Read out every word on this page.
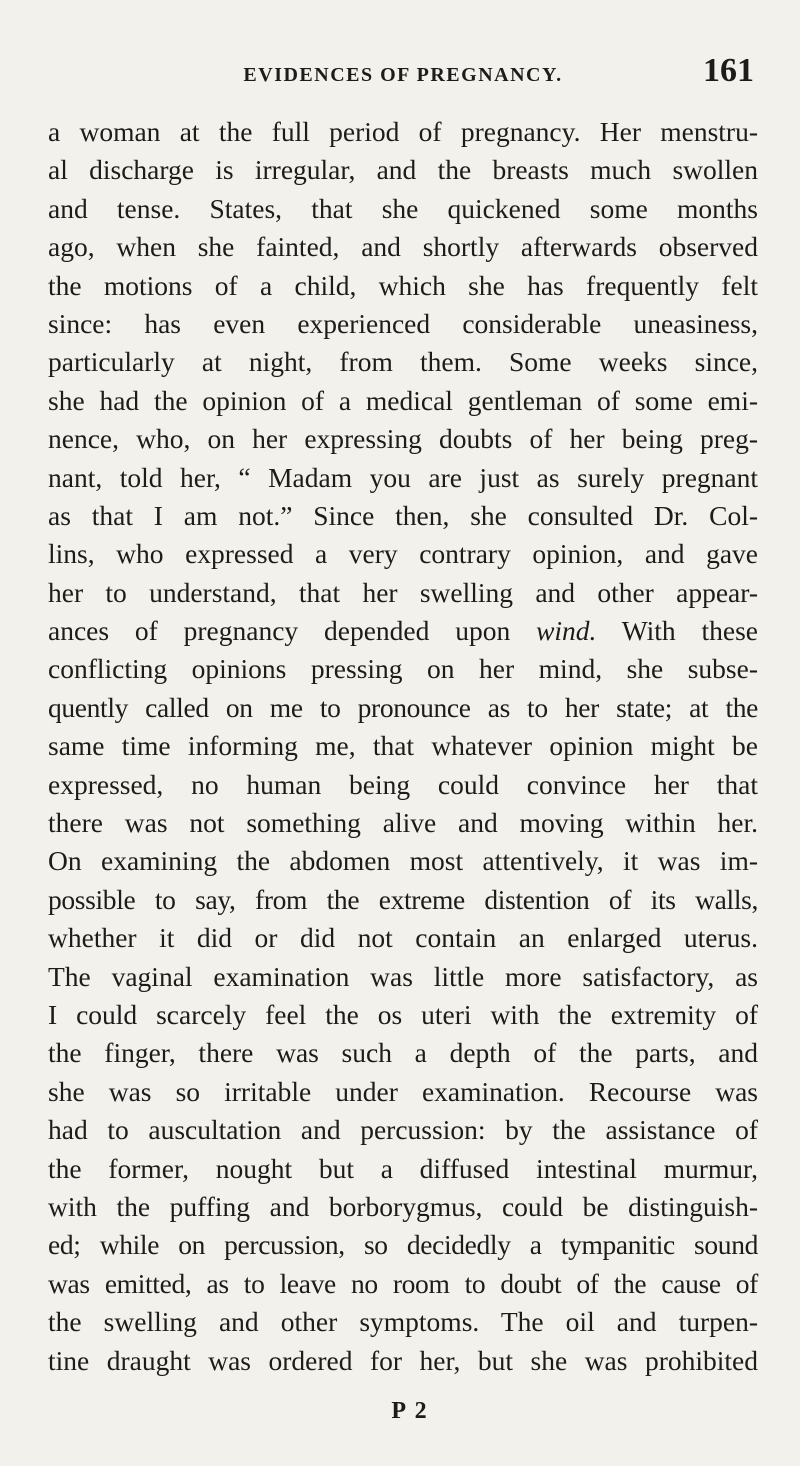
EVIDENCES OF PREGNANCY.	161
a woman at the full period of pregnancy. Her menstru-
al discharge is irregular, and the breasts much swollen
and tense. States, that she quickened some months
ago, when she fainted, and shortly afterwards observed
the motions of a child, which she has frequently felt
since: has even experienced considerable uneasiness,
particularly at night, from them. Some weeks since,
she had the opinion of a medical gentleman of some emi-
nence, who, on her expressing doubts of her being preg-
nant, told her, “ Madam you are just as surely pregnant
as that I am not.” Since then, she consulted Dr. Col-
lins, who expressed a very contrary opinion, and gave
her to understand, that her swelling and other appear-
ances of pregnancy depended upon wind. With these
conflicting opinions pressing on her mind, she subse-
quently called on me to pronounce as to her state; at the
same time informing me, that whatever opinion might be
expressed, no human being could convince her that
there was not something alive and moving within her.
On examining the abdomen most attentively, it was im-
possible to say, from the extreme distention of its walls,
whether it did or did not contain an enlarged uterus.
The vaginal examination was little more satisfactory, as
I could scarcely feel the os uteri with the extremity of
the finger, there was such a depth of the parts, and
she was so irritable under examination. Recourse was
had to auscultation and percussion: by the assistance of
the former, nought but a diffused intestinal murmur,
with the puffing and borborygmus, could be distinguish-
ed; while on percussion, so decidedly a tympanitic sound
was emitted, as to leave no room to doubt of the cause of
the swelling and other symptoms. The oil and turpen-
tine draught was ordered for her, but she was prohibited
P 2
